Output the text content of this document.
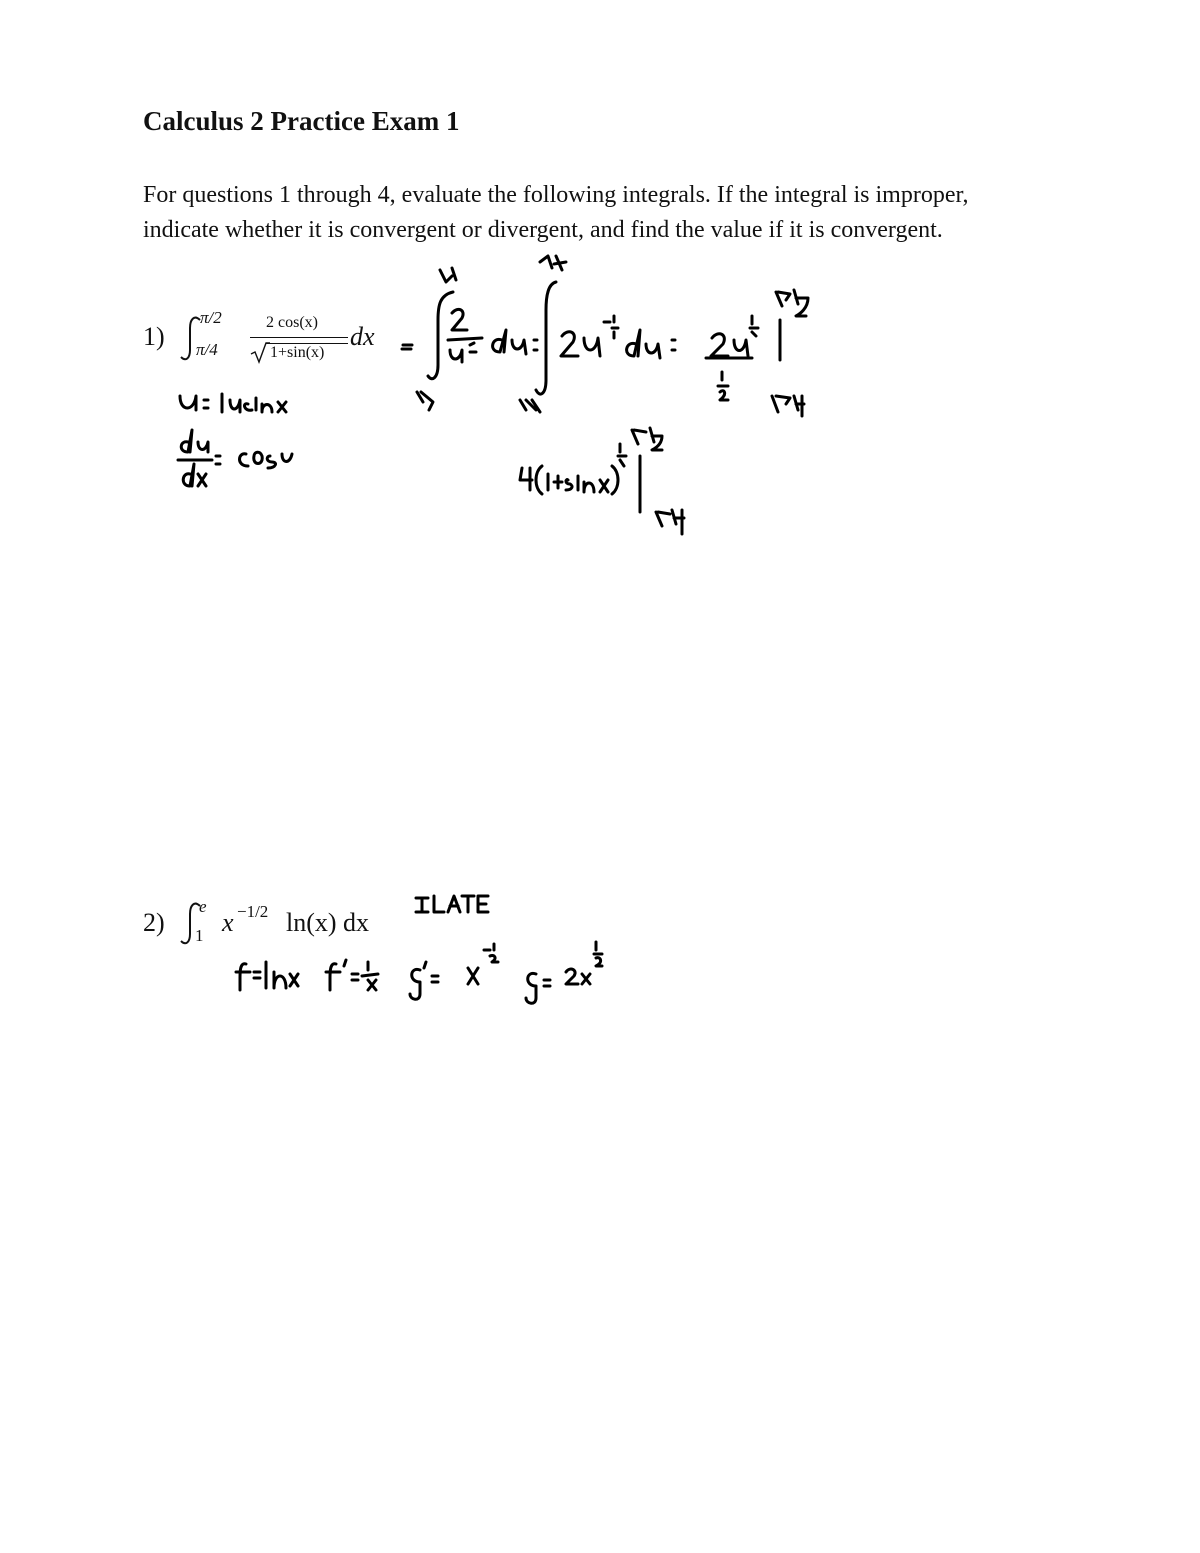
Calculus 2 Practice Exam 1
For questions 1 through 4, evaluate the following integrals. If the integral is improper, indicate whether it is convergent or divergent, and find the value if it is convergent.
1)
π/2
π/4
2 cos(x)
1+sin(x)
dx
2)
e
1 x −1/2 ln(x) dx
